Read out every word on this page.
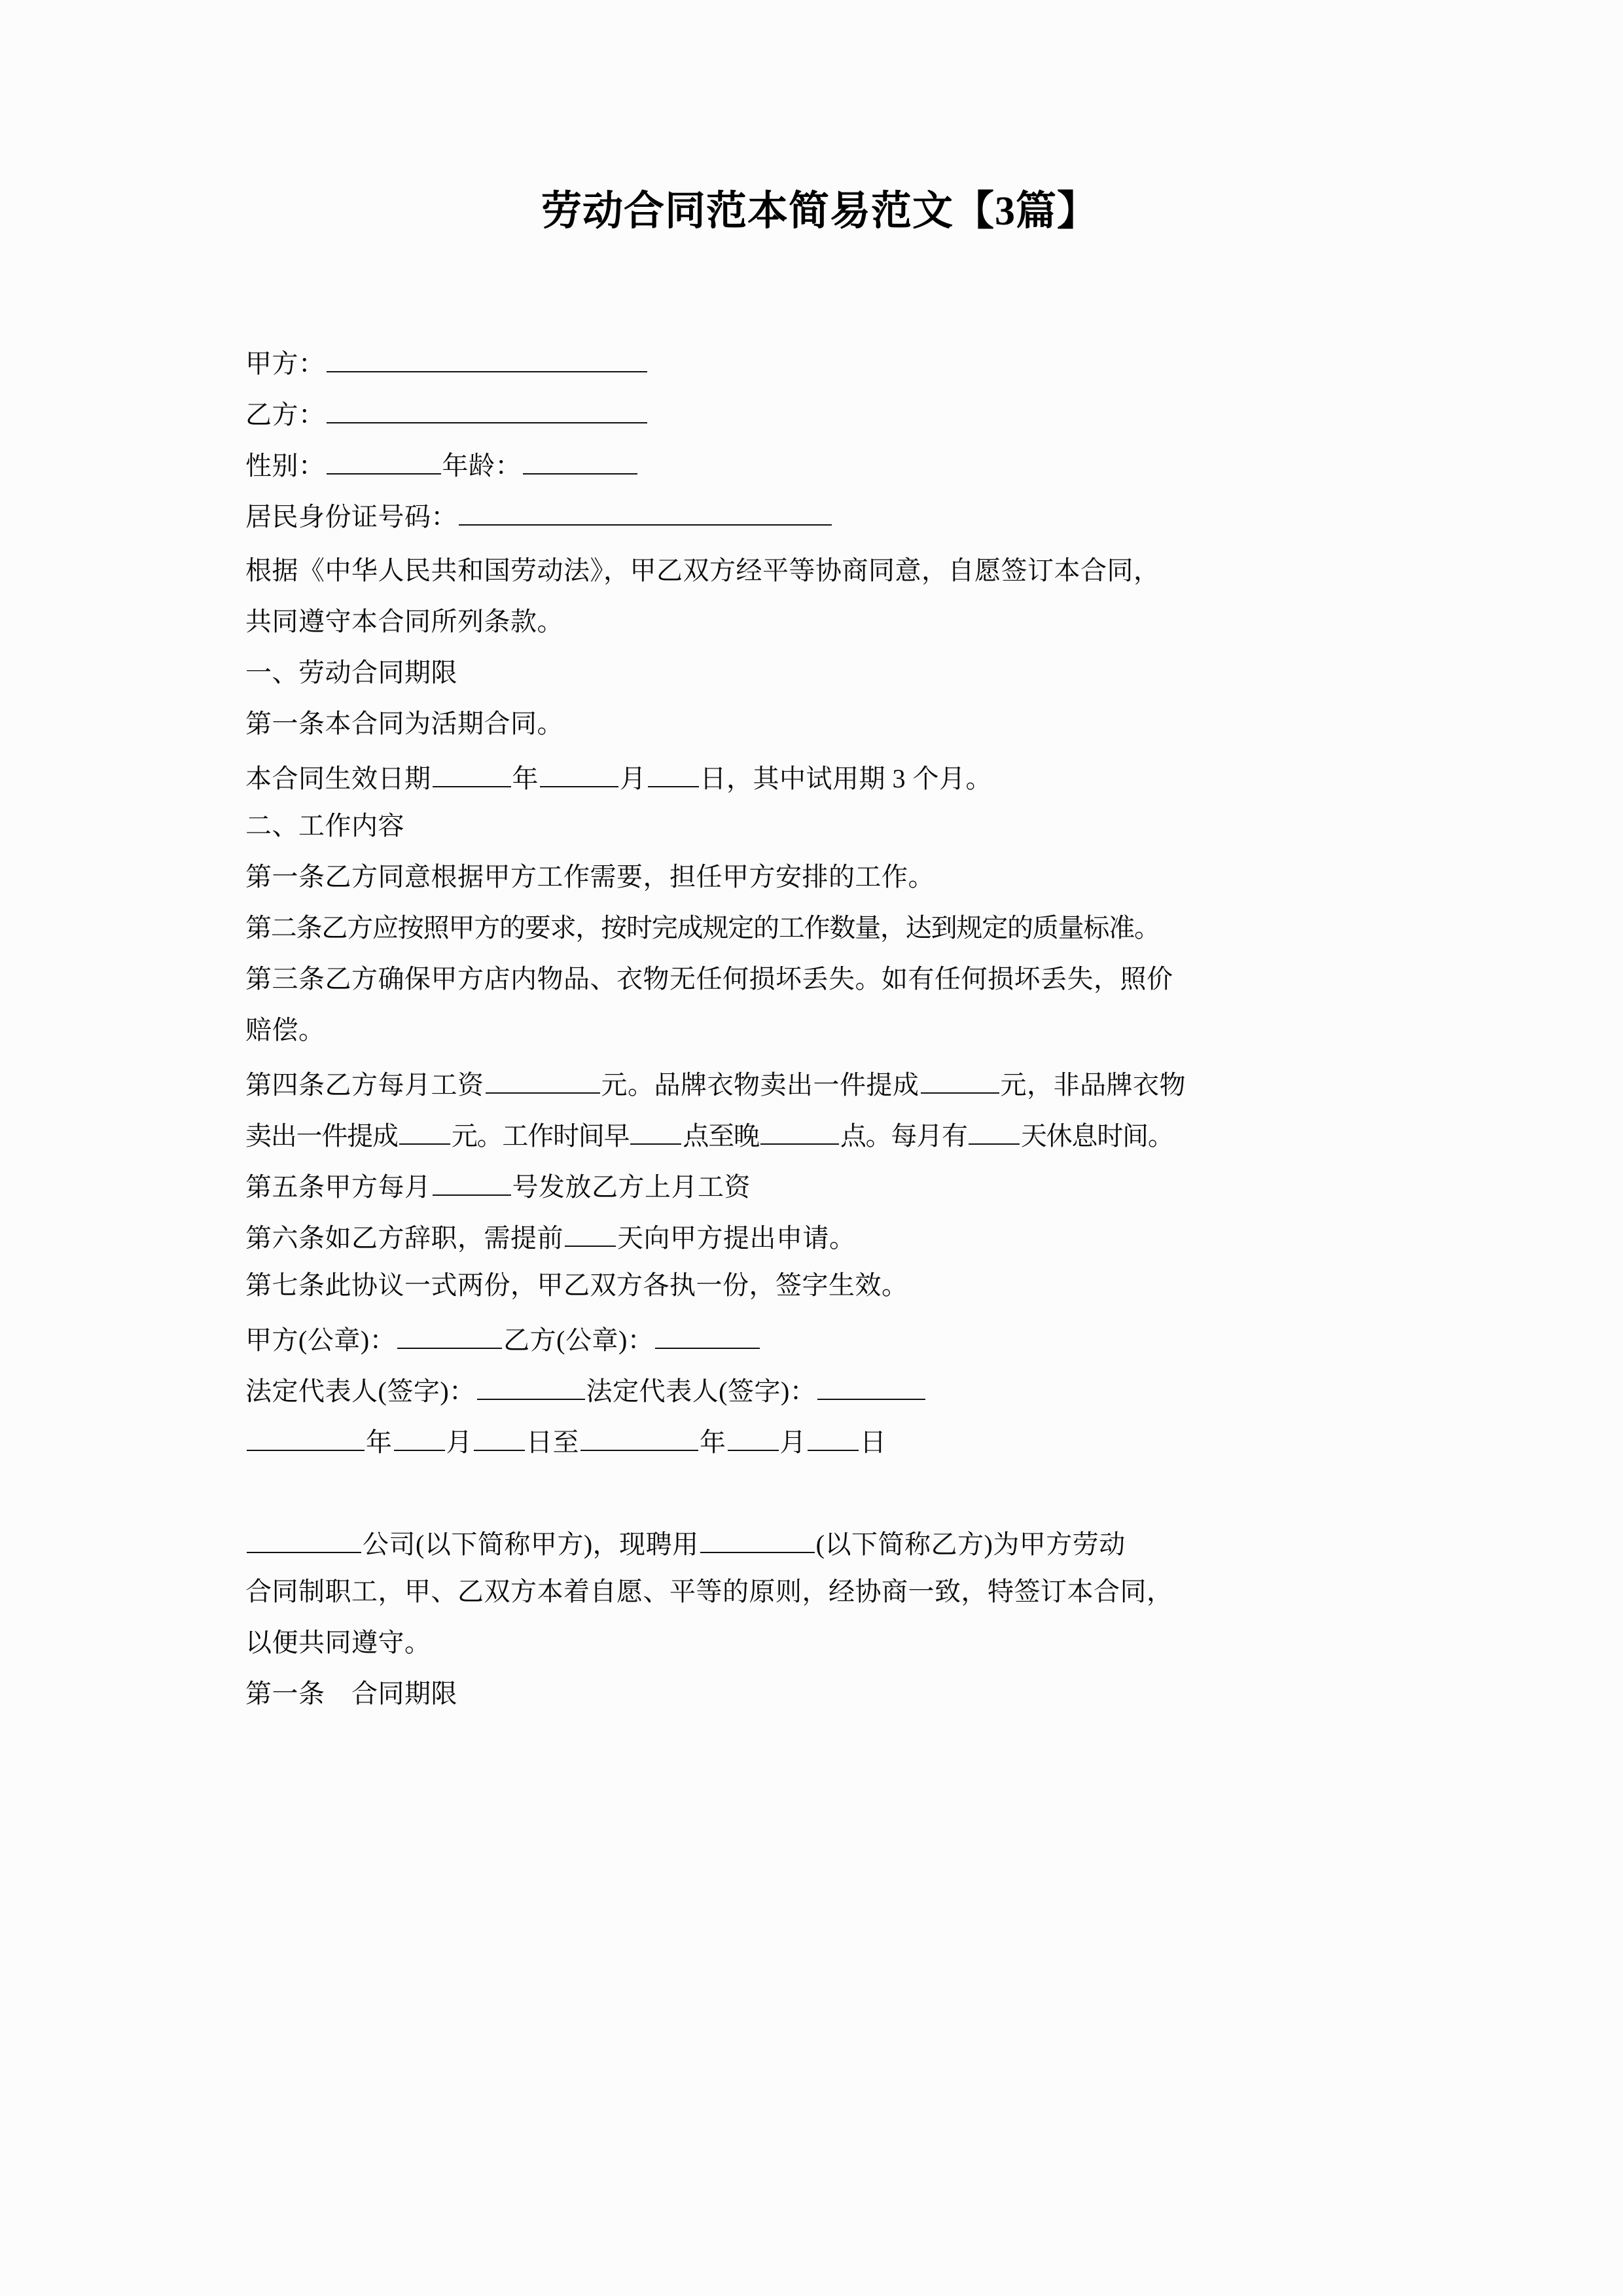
劳动合同范本简易范文【3篇】
甲方：
乙方：
性别：	年龄：
居民身份证号码：
根据《中华人民共和国劳动法》，甲乙双方经平等协商同意，自愿签订本合同，
共同遵守本合同所列条款。
一、劳动合同期限
第一条本合同为活期合同。
本合同生效日期	年	月 日，其中试用期 3 个月。
二、工作内容
第一条乙方同意根据甲方工作需要，担任甲方安排的工作。
第二条乙方应按照甲方的要求，按时完成规定的工作数量，达到规定的质量标准。
第三条乙方确保甲方店内物品、衣物无任何损坏丢失。如有任何损坏丢失，照价
赔偿。
第四条乙方每月工资	元。品牌衣物卖出一件提成	元，非品牌衣物
卖出一件提成 元。工作时间早 点至晚	点。每月有 天休息时间。
第五条甲方每月	号发放乙方上月工资
第六条如乙方辞职，需提前 天向甲方提出申请。
第七条此协议一式两份，甲乙双方各执一份，签字生效。
甲方(公章)：	乙方(公章)：
法定代表人(签字)：	法定代表人(签字)：
年 月 日至	年 月 日
公司(以下简称甲方)，现聘用	(以下简称乙方)为甲方劳动
合同制职工，甲、乙双方本着自愿、平等的原则，经协商一致，特签订本合同，
以便共同遵守。
第一条　合同期限
